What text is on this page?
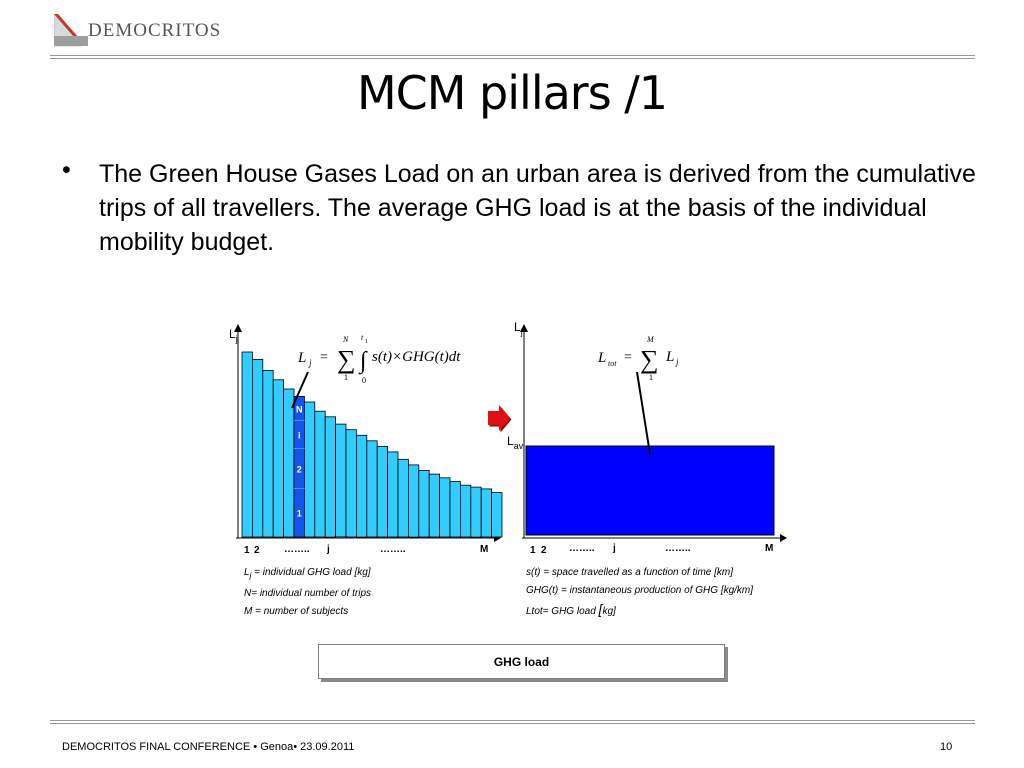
DEMOCRITOS
MCM pillars /1
• The Green House Gases Load on an urban area is derived from the cumulative trips of all travellers. The average GHG load is at the basis of the individual mobility budget.
N
i
2
1
$L_j$
L j = ∑
N
1
∫
t 1
0
s(t)×GHG(t)dt
1 2 …….. j	……..	M
$L_j$
$L_{av}$
L tot = ∑
M
1
L j
1 2 …….. j	……..	M
$L_j$ = individual GHG load [kg]
N= individual number of trips
M = number of subjects
s(t) = space travelled as a function of time [km]
GHG(t) = instantaneous production of GHG [kg/km]
Ltot= GHG load [kg]
GHG load
DEMOCRITOS FINAL CONFERENCE • Genoa• 23.09.2011	10
